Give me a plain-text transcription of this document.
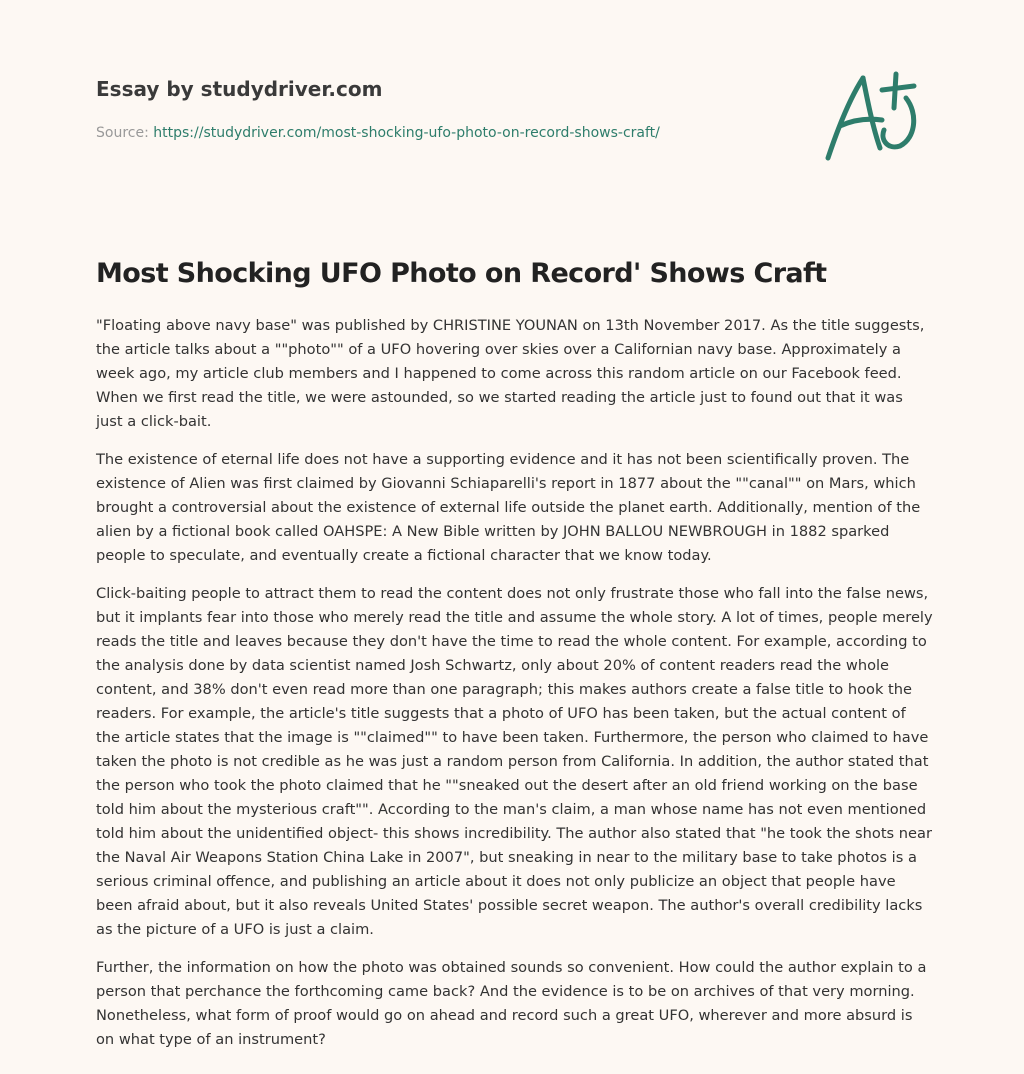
Essay by studydriver.com
Source: https://studydriver.com/most-shocking-ufo-photo-on-record-shows-craft/
Most Shocking UFO Photo on Record' Shows Craft

"Floating above navy base" was published by CHRISTINE YOUNAN on 13th November 2017. As the title suggests, the article talks about a ""photo"" of a UFO hovering over skies over a Californian navy base. Approximately a week ago, my article club members and I happened to come across this random article on our Facebook feed. When we first read the title, we were astounded, so we started reading the article just to found out that it was just a click-bait.

The existence of eternal life does not have a supporting evidence and it has not been scientifically proven. The existence of Alien was first claimed by Giovanni Schiaparelli's report in 1877 about the ""canal"" on Mars, which brought a controversial about the existence of external life outside the planet earth. Additionally, mention of the alien by a fictional book called OAHSPE: A New Bible written by JOHN BALLOU NEWBROUGH in 1882 sparked people to speculate, and eventually create a fictional character that we know today.

Click-baiting people to attract them to read the content does not only frustrate those who fall into the false news, but it implants fear into those who merely read the title and assume the whole story. A lot of times, people merely reads the title and leaves because they don't have the time to read the whole content. For example, according to the analysis done by data scientist named Josh Schwartz, only about 20% of content readers read the whole content, and 38% don't even read more than one paragraph; this makes authors create a false title to hook the readers. For example, the article's title suggests that a photo of UFO has been taken, but the actual content of the article states that the image is ""claimed"" to have been taken. Furthermore, the person who claimed to have taken the photo is not credible as he was just a random person from California. In addition, the author stated that the person who took the photo claimed that he ""sneaked out the desert after an old friend working on the base told him about the mysterious craft"". According to the man's claim, a man whose name has not even mentioned told him about the unidentified object- this shows incredibility. The author also stated that "he took the shots near the Naval Air Weapons Station China Lake in 2007", but sneaking in near to the military base to take photos is a serious criminal offence, and publishing an article about it does not only publicize an object that people have been afraid about, but it also reveals United States' possible secret weapon. The author's overall credibility lacks as the picture of a UFO is just a claim.

Further, the information on how the photo was obtained sounds so convenient. How could the author explain to a person that perchance the forthcoming came back? And the evidence is to be on archives of that very morning. Nonetheless, what form of proof would go on ahead and record such a great UFO, wherever and more absurd is on what type of an instrument?
